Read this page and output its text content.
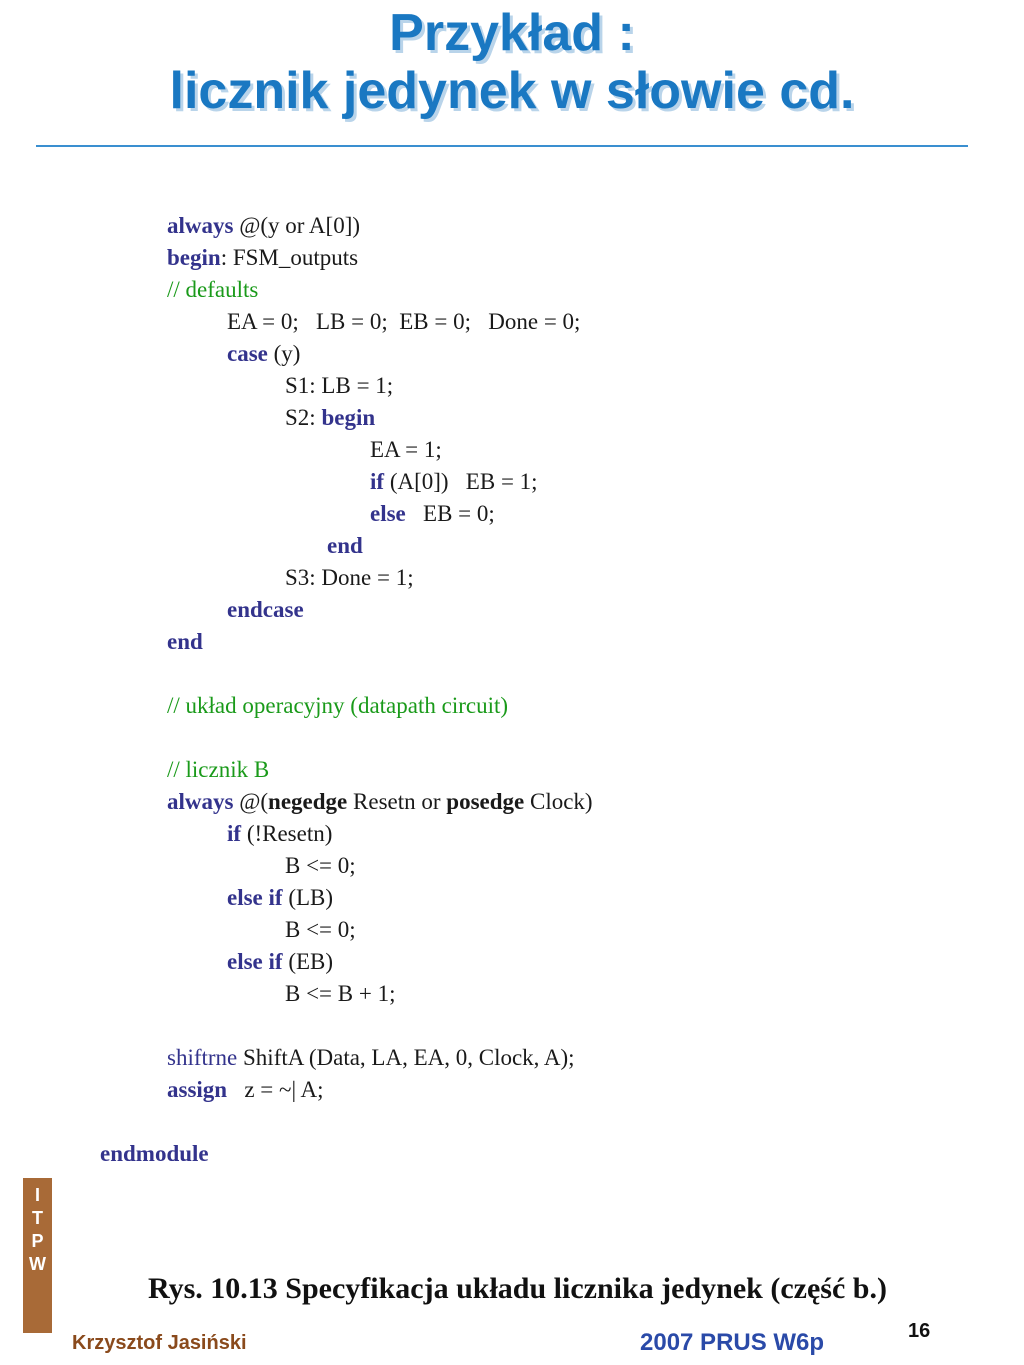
Przykład :
licznik jedynek w słowie cd.
always @(y or A[0])
begin: FSM_outputs
// defaults
EA = 0;   LB = 0;  EB = 0;   Done = 0;
case (y)
S1: LB = 1;
S2: begin
EA = 1;
if (A[0])   EB = 1;
else   EB = 0;
end
S3: Done = 1;
endcase
end
// układ operacyjny (datapath circuit)
// licznik B
always @(negedge Resetn or posedge Clock)
if (!Resetn)
B <= 0;
else if (LB)
B <= 0;
else if (EB)
B <= B + 1;
shiftrne ShiftA (Data, LA, EA, 0, Clock, A);
assign   z = ~| A;
endmodule
I
T
P
W
Rys. 10.13 Specyfikacja układu licznika jedynek (część b.)
16
Krzysztof Jasiński	2007 PRUS W6p
